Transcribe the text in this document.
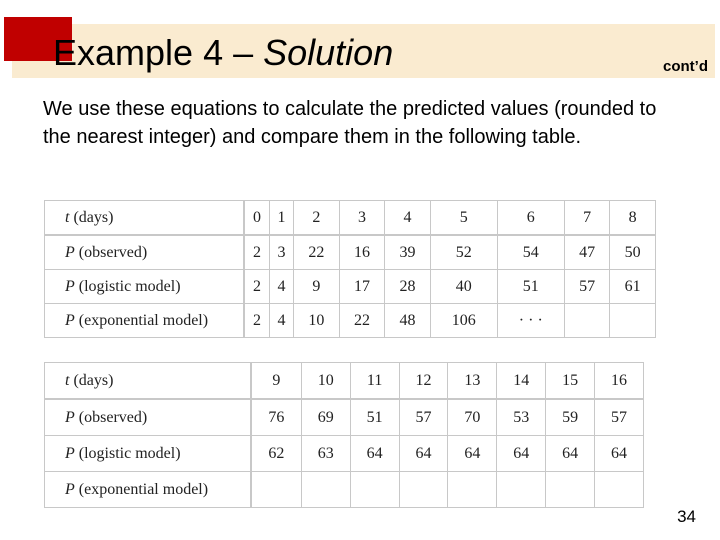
Example 4 – Solution	cont’d
We use these equations to calculate the predicted values (rounded to the nearest integer) and compare them in the following table.
t (days)	0	1	2	3	4	5	6	7	8
P (observed)	2	3	22	16	39	52	54	47	50
P (logistic model)	2	4	9	17	28	40	51	57	61
P (exponential model)	2	4	10	22	48	106	· · ·		
t (days)	9	10	11	12	13	14	15	16
P (observed)	76	69	51	57	70	53	59	57
P (logistic model)	62	63	64	64	64	64	64	64
P (exponential model)								
34
